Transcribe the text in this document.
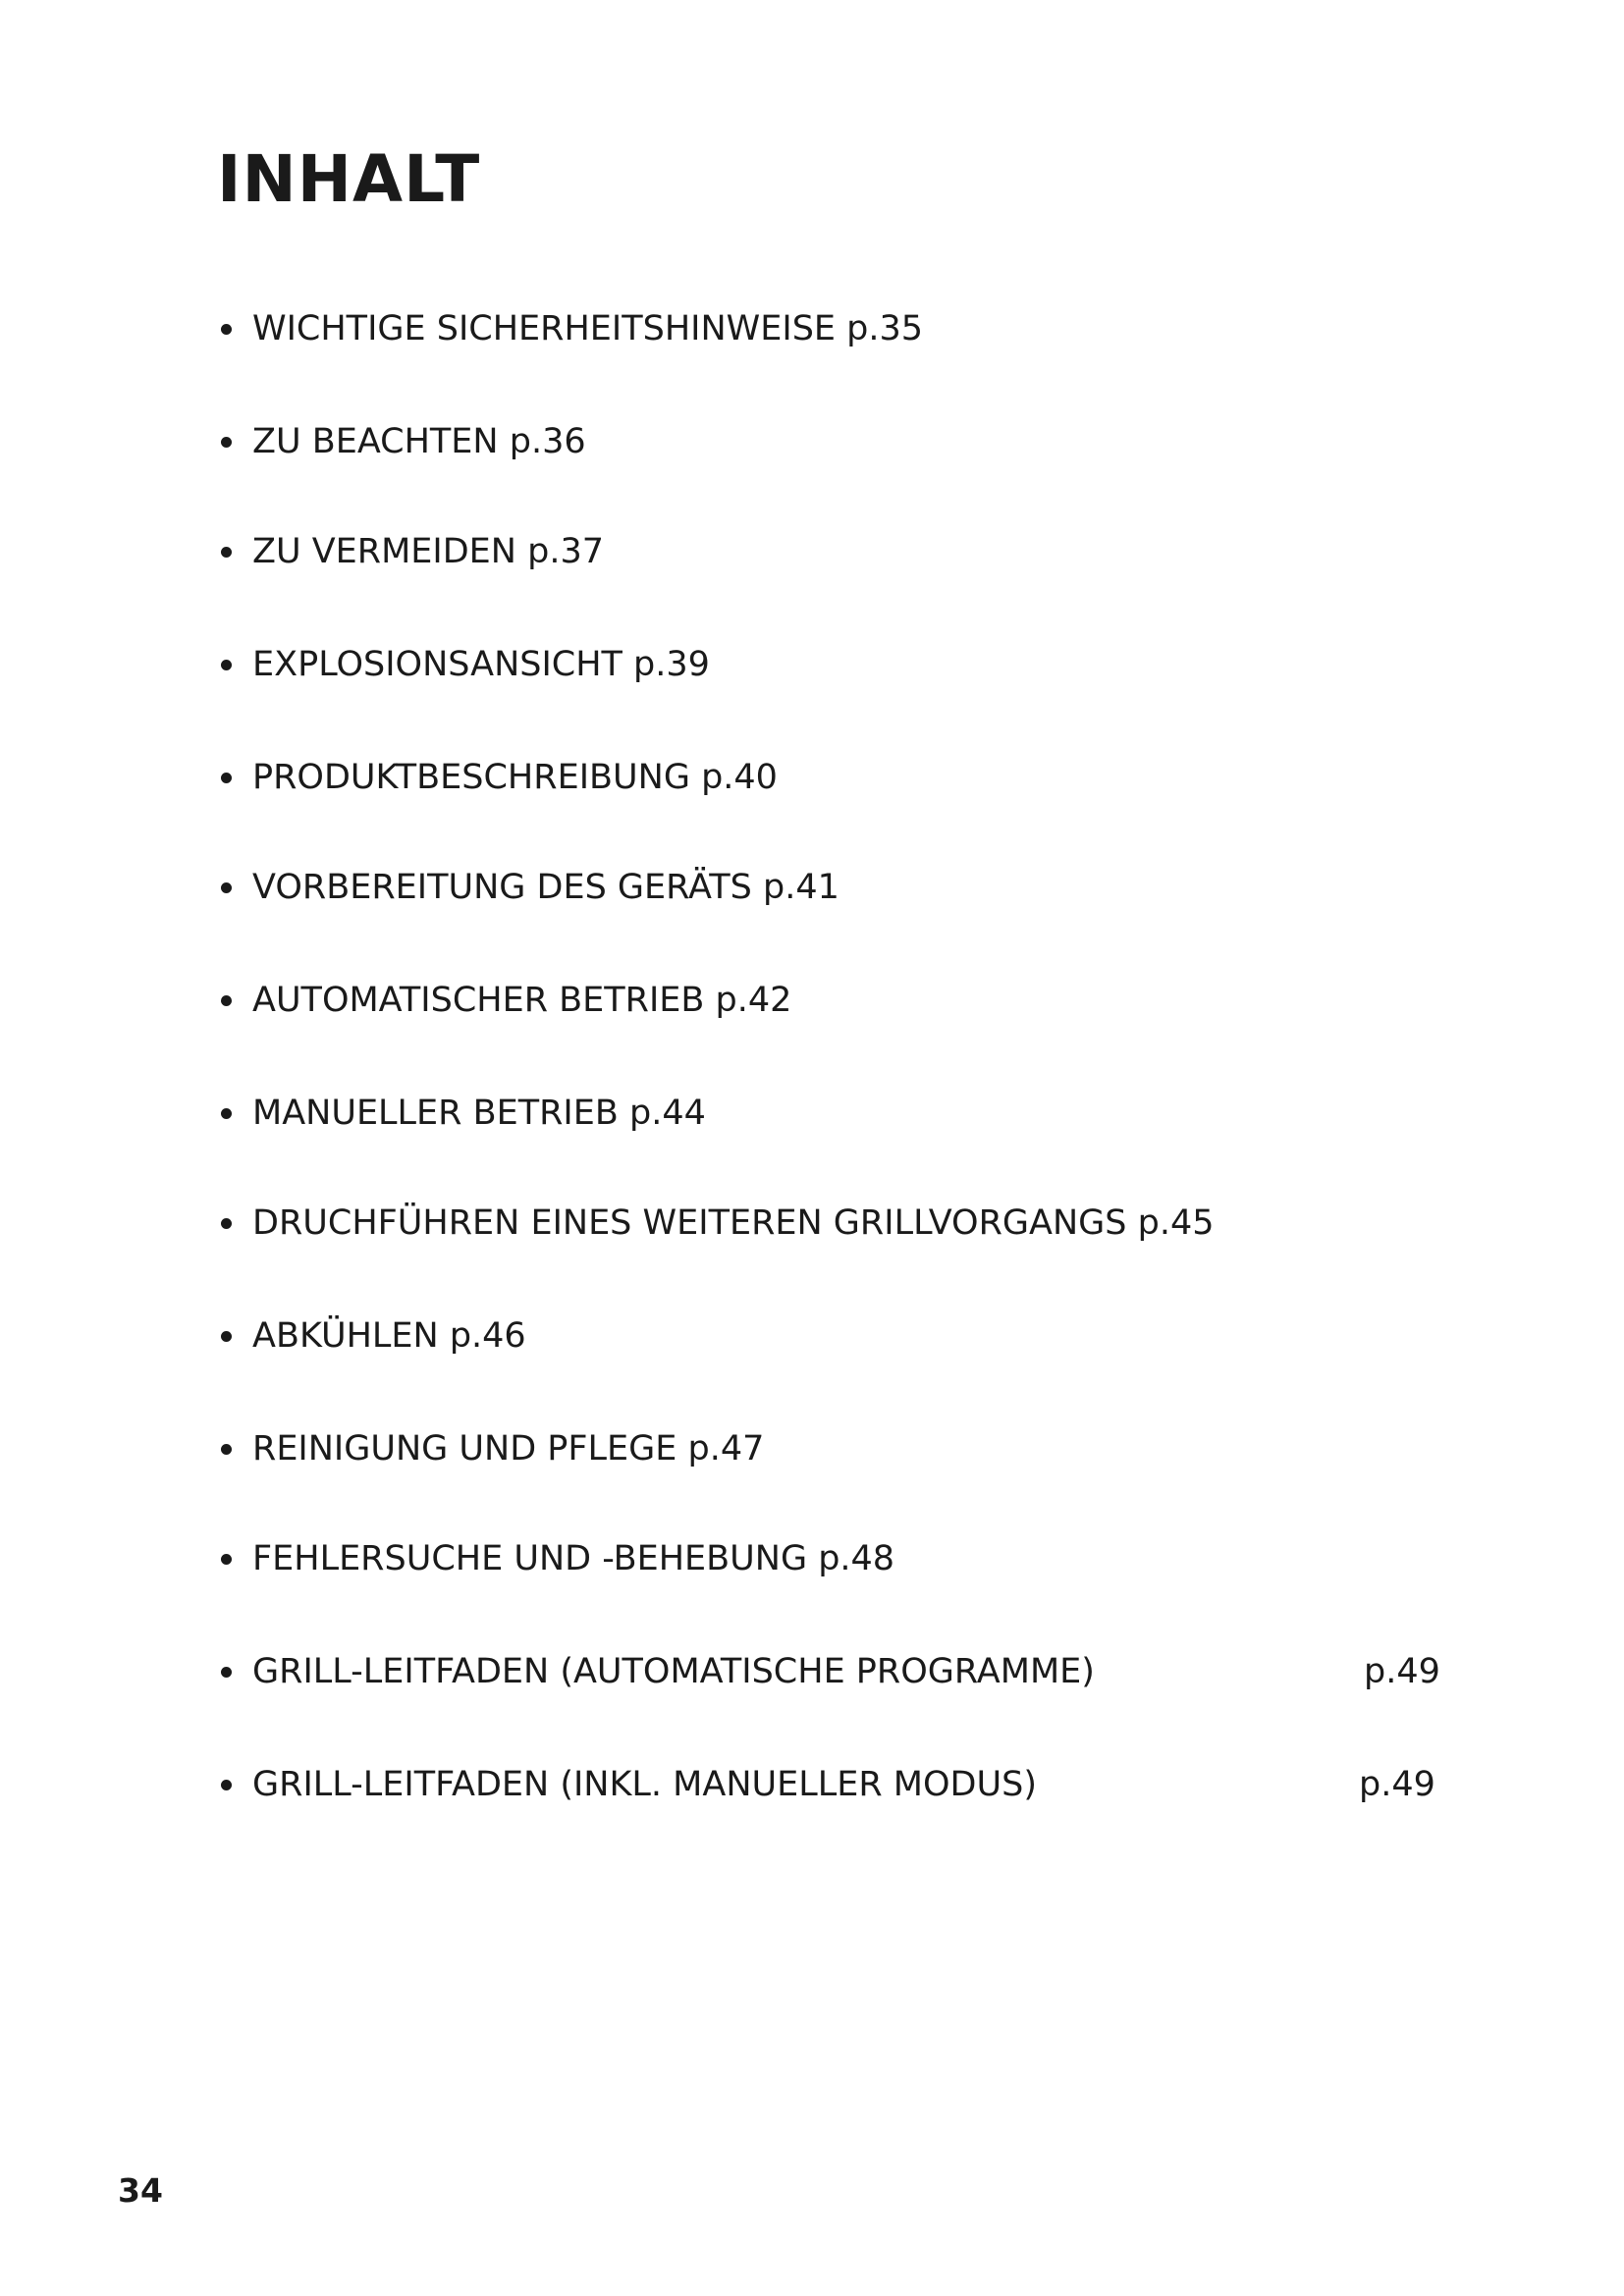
INHALT
WICHTIGE SICHERHEITSHINWEISE p.35
ZU BEACHTEN p.36
ZU VERMEIDEN p.37
EXPLOSIONSANSICHT p.39
PRODUKTBESCHREIBUNG p.40
VORBEREITUNG DES GERÄTS p.41
AUTOMATISCHER BETRIEB p.42
MANUELLER BETRIEB p.44
DRUCHFÜHREN EINES WEITEREN GRILLVORGANGS p.45
ABKÜHLEN p.46
REINIGUNG UND PFLEGE p.47
FEHLERSUCHE UND -BEHEBUNG p.48
GRILL-LEITFADEN (AUTOMATISCHE PROGRAMME)	p.49
GRILL-LEITFADEN (INKL. MANUELLER MODUS)	p.49
34
